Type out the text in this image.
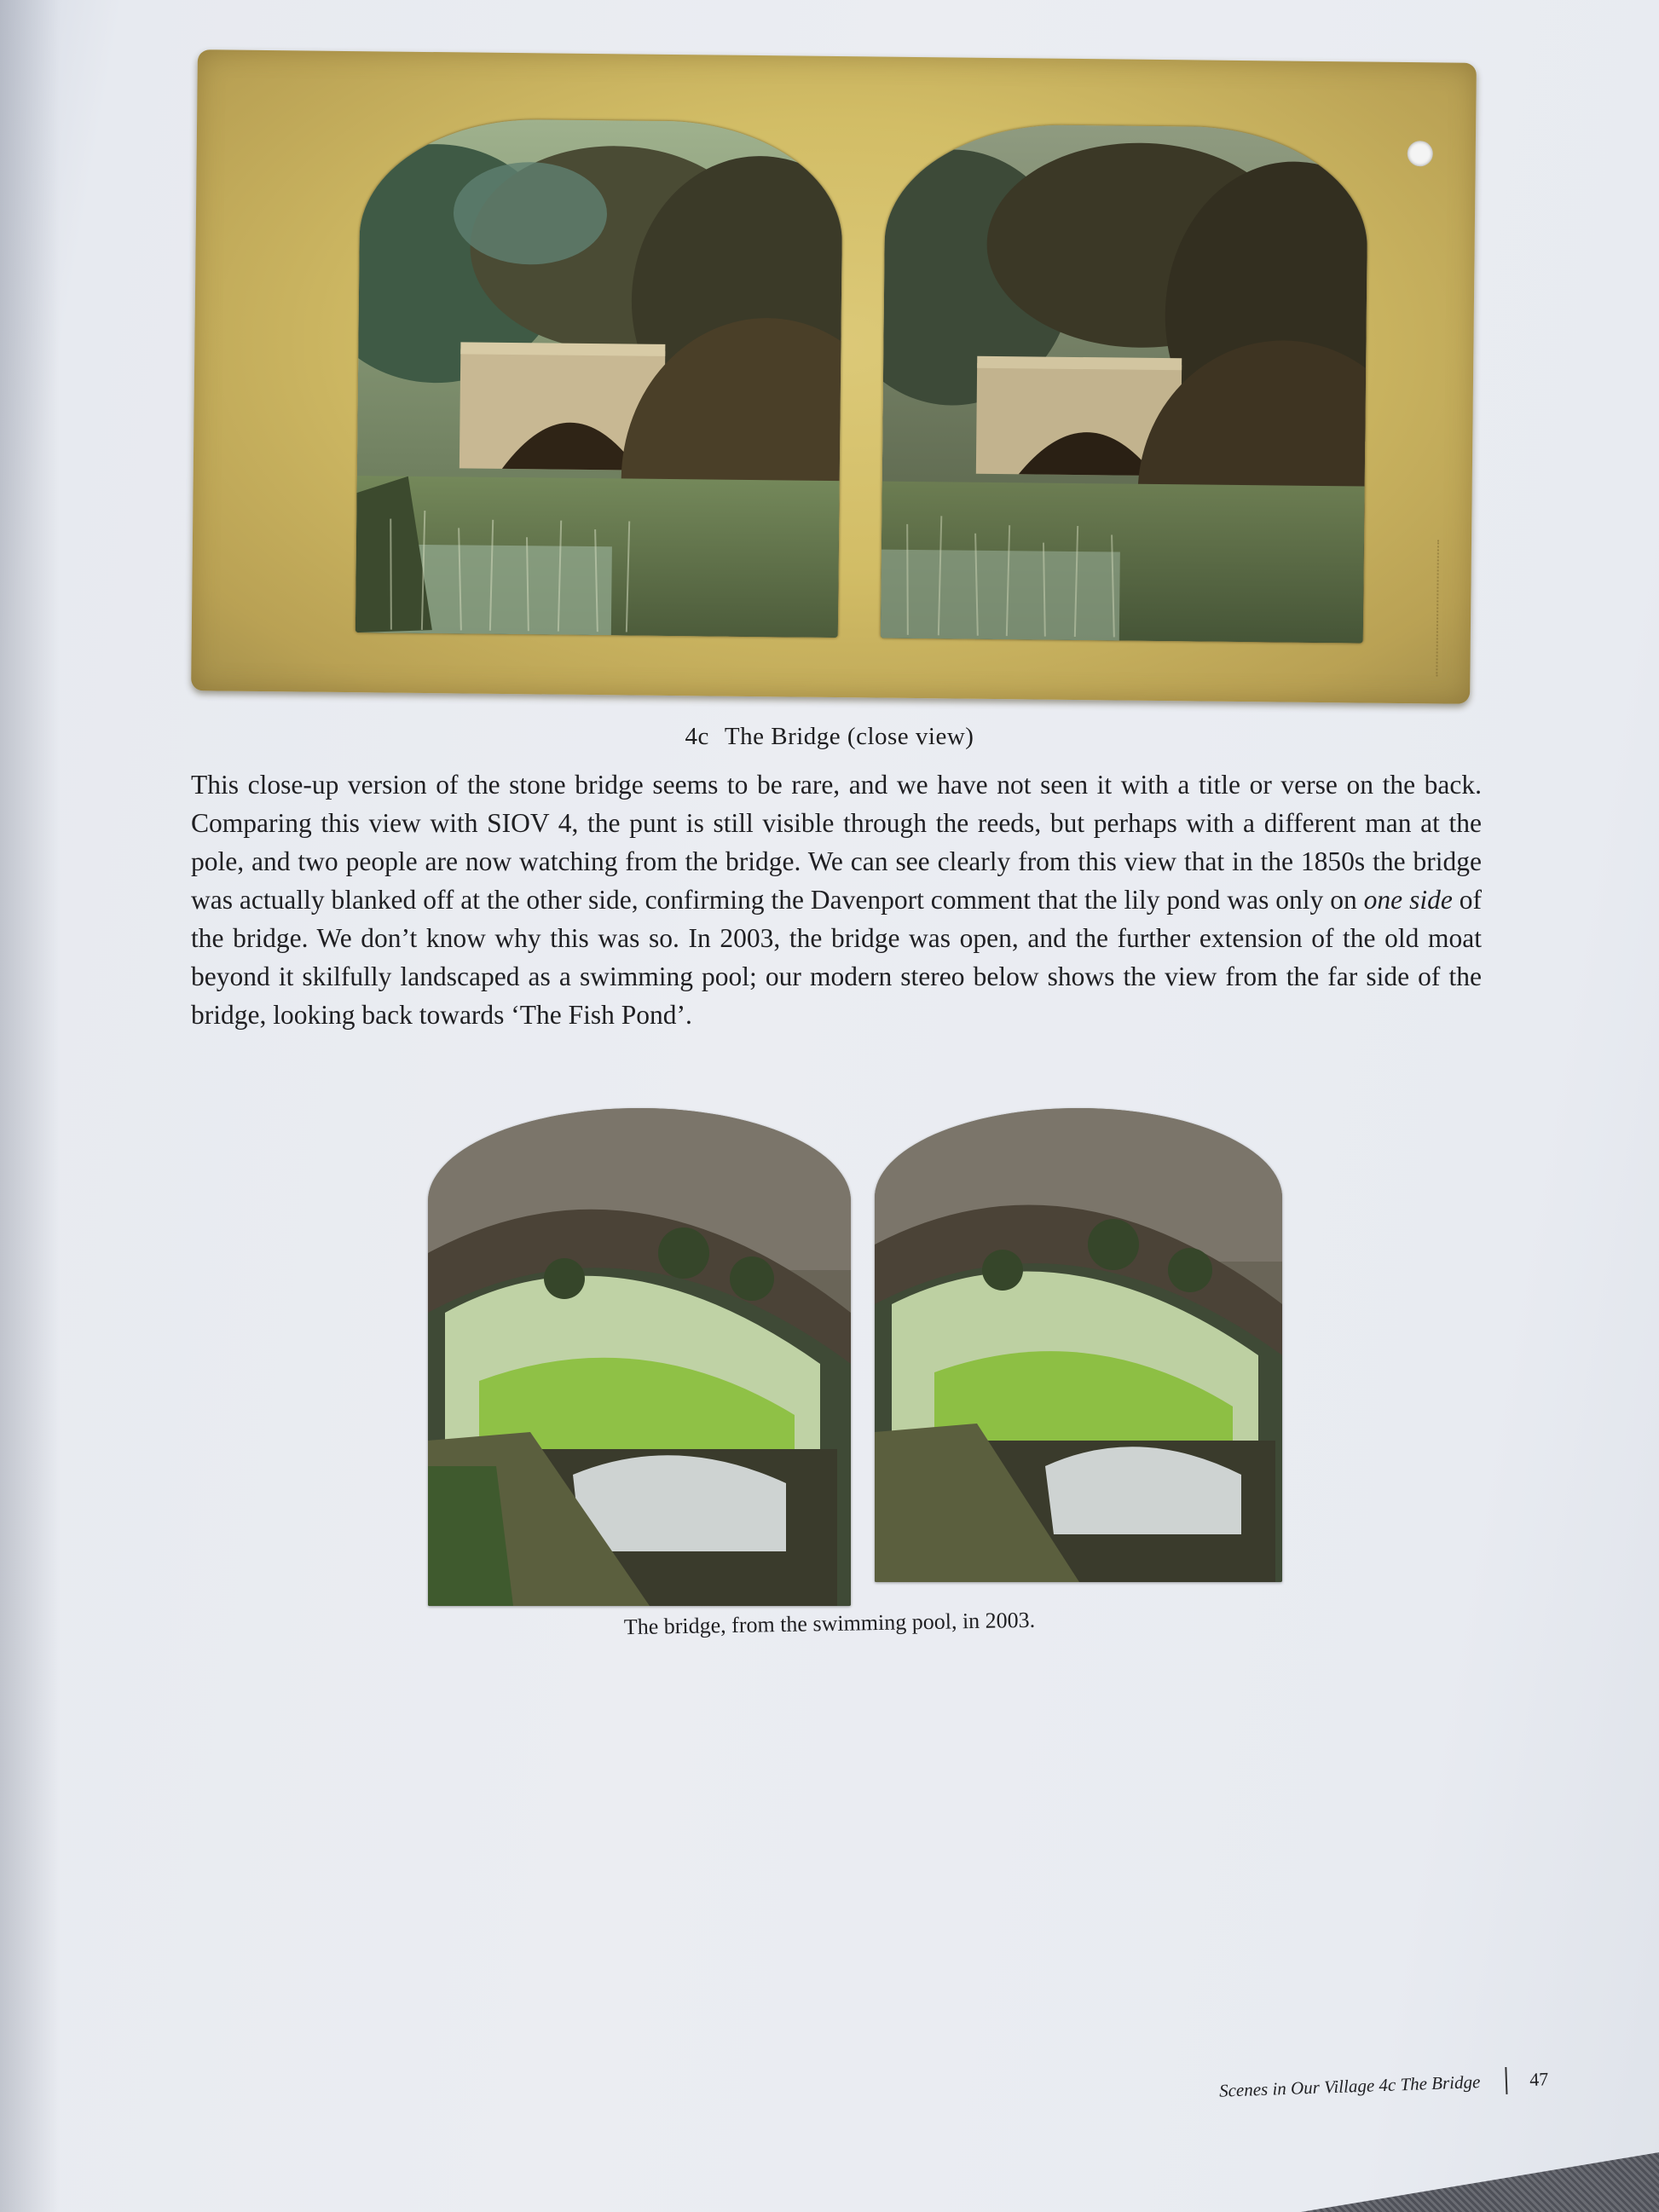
4c The Bridge (close view)
This close-up version of the stone bridge seems to be rare, and we have not seen it with a title or verse on the back. Comparing this view with SIOV 4, the punt is still visible through the reeds, but perhaps with a different man at the pole, and two people are now watching from the bridge. We can see clearly from this view that in the 1850s the bridge was actually blanked off at the other side, confirming the Davenport comment that the lily pond was only on one side of the bridge. We don’t know why this was so. In 2003, the bridge was open, and the further extension of the old moat beyond it skilfully landscaped as a swimming pool; our modern stereo below shows the view from the far side of the bridge, looking back towards ‘The Fish Pond’.
The bridge, from the swimming pool, in 2003.
Scenes in Our Village 4c The Bridge	47
